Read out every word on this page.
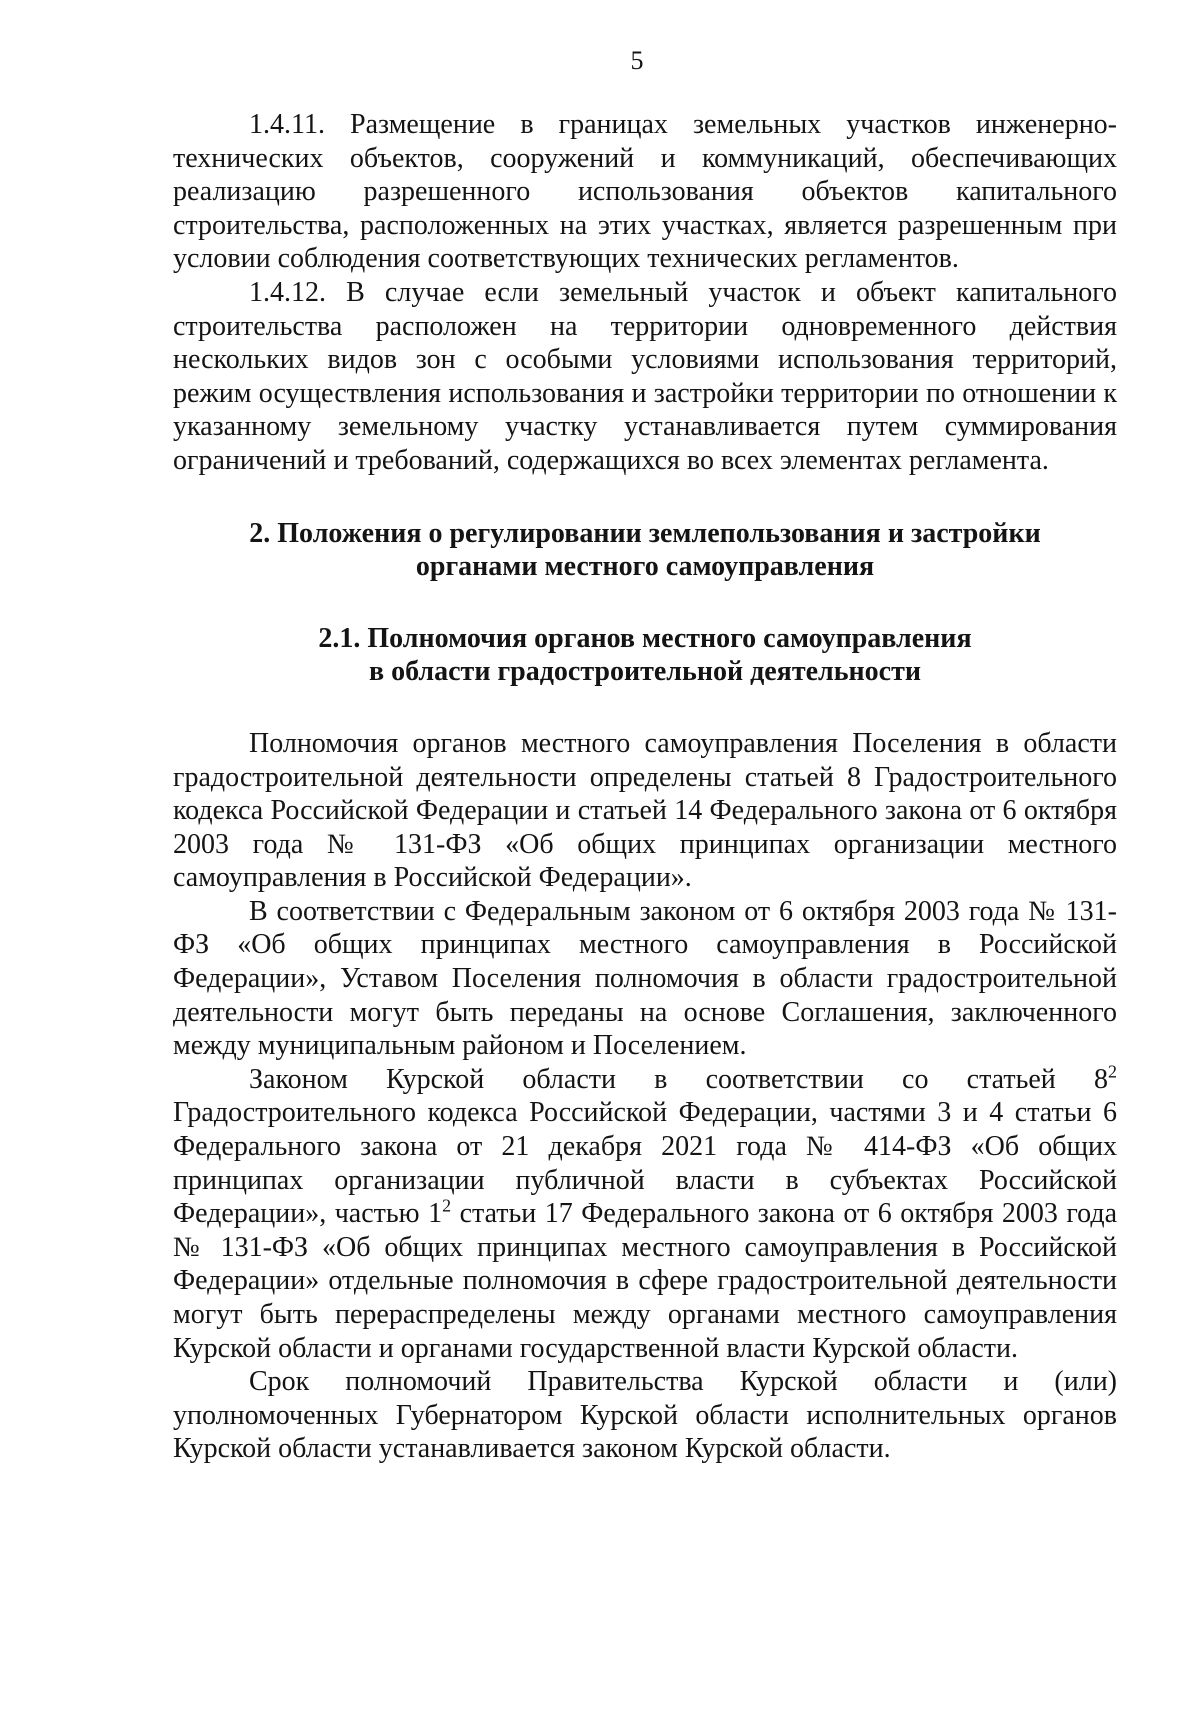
5

1.4.11. Размещение в границах земельных участков инженерно-технических объектов, сооружений и коммуникаций, обеспечивающих реализацию разрешенного использования объектов капитального строительства, расположенных на этих участках, является разрешенным при условии соблюдения соответствующих технических регламентов.

1.4.12. В случае если земельный участок и объект капитального строительства расположен на территории одновременного действия нескольких видов зон с особыми условиями использования территорий, режим осуществления использования и застройки территории по отношении к указанному земельному участку устанавливается путем суммирования ограничений и требований, содержащихся во всех элементах регламента.

2. Положения о регулировании землепользования и застройки
органами местного самоуправления
2.1. Полномочия органов местного самоуправления
в области градостроительной деятельности

Полномочия органов местного самоуправления Поселения в области градостроительной деятельности определены статьей 8 Градостроительного кодекса Российской Федерации и статьей 14 Федерального закона от 6 октября 2003 года № 131-ФЗ «Об общих принципах организации местного самоуправления в Российской Федерации».

В соответствии с Федеральным законом от 6 октября 2003 года № 131-ФЗ «Об общих принципах местного самоуправления в Российской Федерации», Уставом Поселения полномочия в области градостроительной деятельности могут быть переданы на основе Соглашения, заключенного между муниципальным районом и Поселением.

Законом Курской области в соответствии со статьей $8^2$ Градостроительного кодекса Российской Федерации, частями 3 и 4 статьи 6 Федерального закона от 21 декабря 2021 года № 414-ФЗ «Об общих принципах организации публичной власти в субъектах Российской Федерации», частью $1^2$ статьи 17 Федерального закона от 6 октября 2003 года № 131-ФЗ «Об общих принципах местного самоуправления в Российской Федерации» отдельные полномочия в сфере градостроительной деятельности могут быть перераспределены между органами местного самоуправления Курской области и органами государственной власти Курской области.

Срок полномочий Правительства Курской области и (или) уполномоченных Губернатором Курской области исполнительных органов Курской области устанавливается законом Курской области.
